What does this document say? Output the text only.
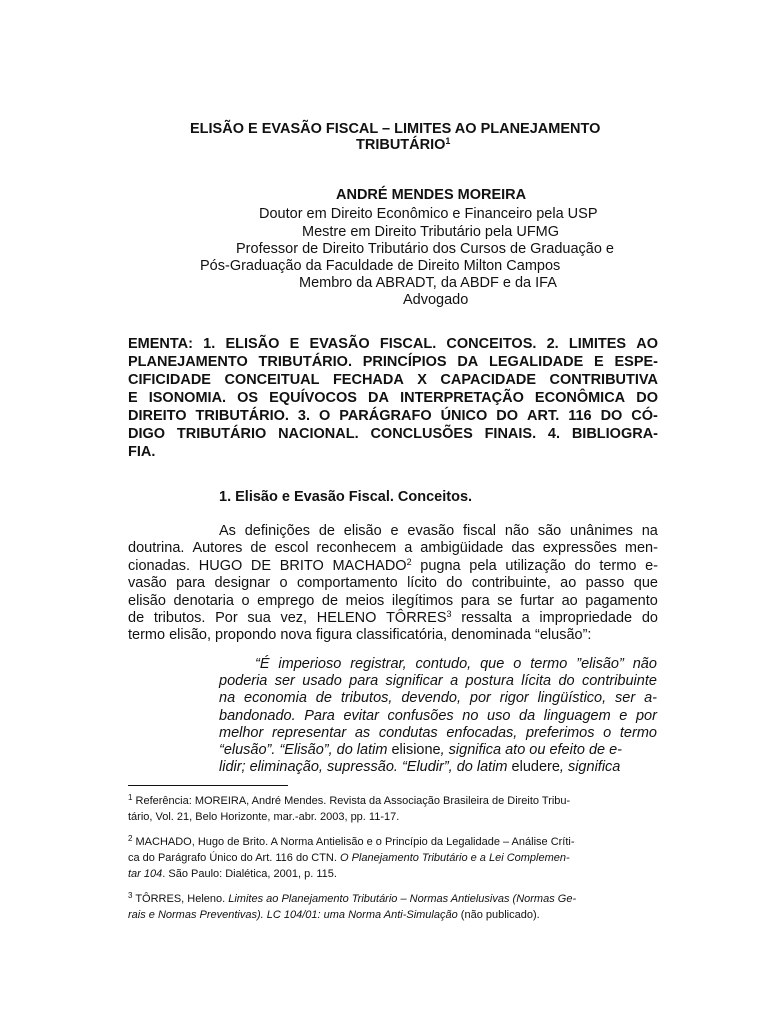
ELISÃO E EVASÃO FISCAL – LIMITES AO PLANEJAMENTO
TRIBUTÁRIO$^1$
ANDRÉ MENDES MOREIRA
Doutor em Direito Econômico e Financeiro pela USP
Mestre em Direito Tributário pela UFMG
Professor de Direito Tributário dos Cursos de Graduação e
Pós-Graduação da Faculdade de Direito Milton Campos
Membro da ABRADT, da ABDF e da IFA
Advogado
EMENTA: 1. ELISÃO E EVASÃO FISCAL. CONCEITOS. 2. LIMITES AO
PLANEJAMENTO TRIBUTÁRIO. PRINCÍPIOS DA LEGALIDADE E ESPE-
CIFICIDADE CONCEITUAL FECHADA X CAPACIDADE CONTRIBUTIVA
E ISONOMIA. OS EQUÍVOCOS DA INTERPRETAÇÃO ECONÔMICA DO
DIREITO TRIBUTÁRIO. 3. O PARÁGRAFO ÚNICO DO ART. 116 DO CÓ-
DIGO TRIBUTÁRIO NACIONAL. CONCLUSÕES FINAIS. 4. BIBLIOGRA-
FIA.
1. Elisão e Evasão Fiscal. Conceitos.
As definições de elisão e evasão fiscal não são unânimes na
doutrina. Autores de escol reconhecem a ambigüidade das expressões men-
cionadas. HUGO DE BRITO MACHADO$^2$ pugna pela utilização do termo e-
vasão para designar o comportamento lícito do contribuinte, ao passo que
elisão denotaria o emprego de meios ilegítimos para se furtar ao pagamento
de tributos. Por sua vez, HELENO TÔRRES$^3$ ressalta a impropriedade do
termo elisão, propondo nova figura classificatória, denominada “elusão”:
“É imperioso registrar, contudo, que o termo ”elisão” não
poderia ser usado para significar a postura lícita do contribuinte
na economia de tributos, devendo, por rigor lingüístico, ser a-
bandonado. Para evitar confusões no uso da linguagem e por
melhor representar as condutas enfocadas, preferimos o termo
“elusão”. “Elisão”, do latim elisione, significa ato ou efeito de e-
lidir; eliminação, supressão. “Eludir”, do latim eludere, significa
$^1$ Referência: MOREIRA, André Mendes. Revista da Associação Brasileira de Direito Tribu-
tário, Vol. 21, Belo Horizonte, mar.-abr. 2003, pp. 11-17.
$^2$ MACHADO, Hugo de Brito. A Norma Antielisão e o Princípio da Legalidade – Análise Críti-
ca do Parágrafo Único do Art. 116 do CTN. O Planejamento Tributário e a Lei Complemen-
tar 104. São Paulo: Dialética, 2001, p. 115.
$^3$ TÔRRES, Heleno. Limites ao Planejamento Tributário – Normas Antielusivas (Normas Ge-
rais e Normas Preventivas). LC 104/01: uma Norma Anti-Simulação (não publicado).
